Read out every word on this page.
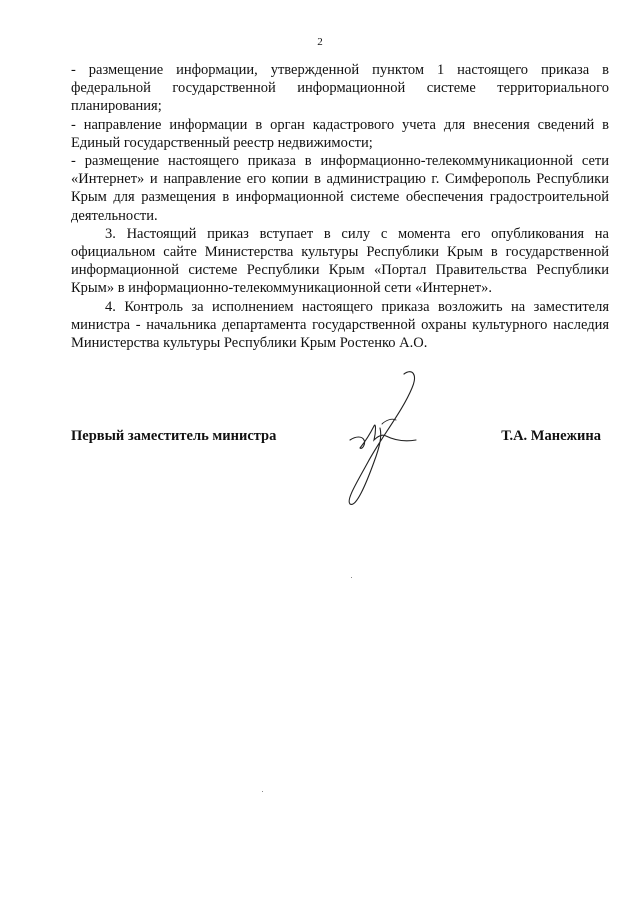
2

- размещение информации, утвержденной пунктом 1 настоящего приказа в федеральной государственной информационной системе территориального планирования;

- направление информации в орган кадастрового учета для внесения сведений в Единый государственный реестр недвижимости;

- размещение настоящего приказа в информационно-телекоммуникационной сети «Интернет» и направление его копии в администрацию г. Симферополь Республики Крым для размещения в информационной системе обеспечения градостроительной деятельности.

3. Настоящий приказ вступает в силу с момента его опубликования на официальном сайте Министерства культуры Республики Крым в государственной информационной системе Республики Крым «Портал Правительства Республики Крым» в информационно-телекоммуникационной сети «Интернет».

4. Контроль за исполнением настоящего приказа возложить на заместителя министра - начальника департамента государственной охраны культурного наследия Министерства культуры Республики Крым Ростенко А.О.

Первый заместитель министра	Т.А. Манежина
